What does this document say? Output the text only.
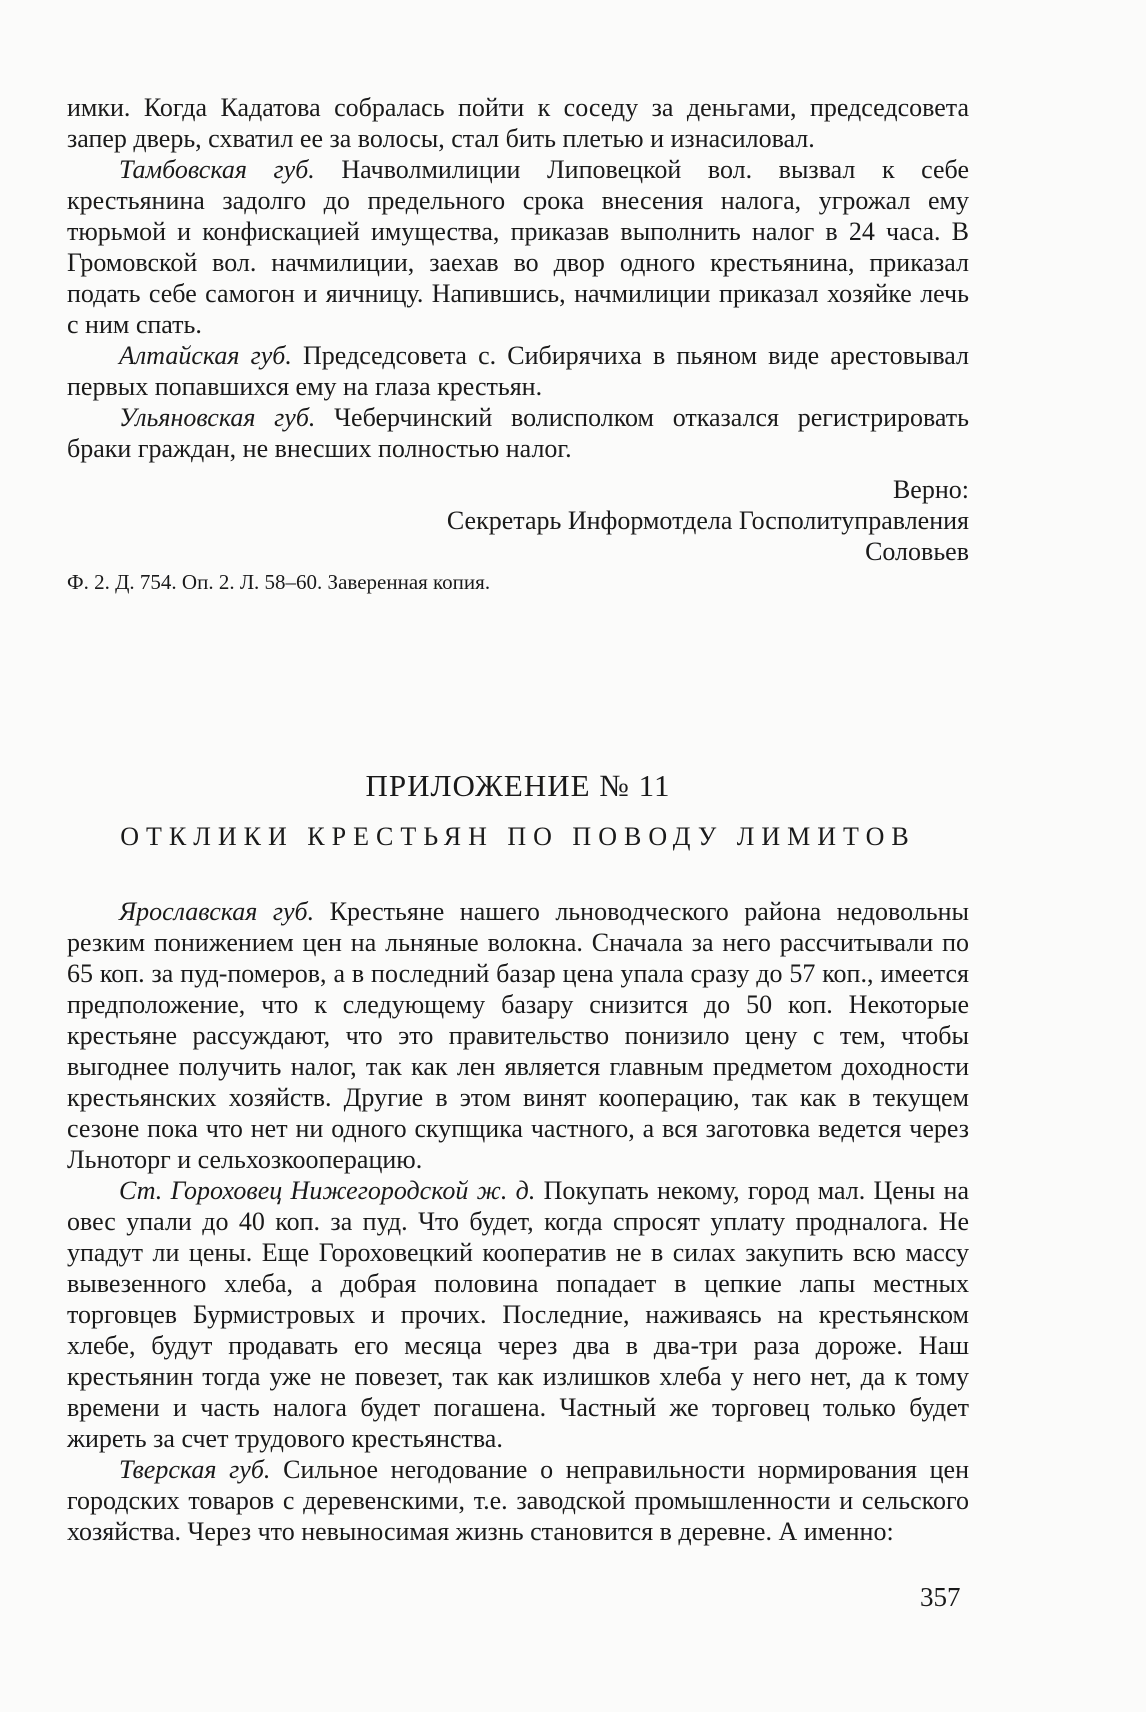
имки. Когда Кадатова собралась пойти к соседу за деньгами, председсовета запер дверь, схватил ее за волосы, стал бить плетью и изнасиловал.

Тамбовская губ. Начволмилиции Липовецкой вол. вызвал к себе крестьянина задолго до предельного срока внесения налога, угрожал ему тюрьмой и конфискацией имущества, приказав выполнить налог в 24 часа. В Громовской вол. начмилиции, заехав во двор одного крестьянина, приказал подать себе самогон и яичницу. Напившись, начмилиции приказал хозяйке лечь с ним спать.

Алтайская губ. Председсовета с. Сибирячиха в пьяном виде арестовывал первых попавшихся ему на глаза крестьян.

Ульяновская губ. Чеберчинский волисполком отказался регистрировать браки граждан, не внесших полностью налог.

Верно:

Секретарь Информотдела Госполитуправления

Соловьев

Ф. 2. Д. 754. Оп. 2. Л. 58–60. Заверенная копия.

ПРИЛОЖЕНИЕ № 11
ОТКЛИКИ КРЕСТЬЯН ПО ПОВОДУ ЛИМИТОВ

Ярославская губ. Крестьяне нашего льноводческого района недовольны резким понижением цен на льняные волокна. Сначала за него рассчитывали по 65 коп. за пуд-померов, а в последний базар цена упала сразу до 57 коп., имеется предположение, что к следующему базару снизится до 50 коп. Некоторые крестьяне рассуждают, что это правительство понизило цену с тем, чтобы выгоднее получить налог, так как лен является главным предметом доходности крестьянских хозяйств. Другие в этом винят кооперацию, так как в текущем сезоне пока что нет ни одного скупщика частного, а вся заготовка ведется через Льноторг и сельхозкооперацию.

Ст. Гороховец Нижегородской ж. д. Покупать некому, город мал. Цены на овес упали до 40 коп. за пуд. Что будет, когда спросят уплату продналога. Не упадут ли цены. Еще Гороховецкий кооператив не в силах закупить всю массу вывезенного хлеба, а добрая половина попадает в цепкие лапы местных торговцев Бурмистровых и прочих. Последние, наживаясь на крестьянском хлебе, будут продавать его месяца через два в два-три раза дороже. Наш крестьянин тогда уже не повезет, так как излишков хлеба у него нет, да к тому времени и часть налога будет погашена. Частный же торговец только будет жиреть за счет трудового крестьянства.

Тверская губ. Сильное негодование о неправильности нормирования цен городских товаров с деревенскими, т.е. заводской промышленности и сельского хозяйства. Через что невыносимая жизнь становится в деревне. А именно:

357
